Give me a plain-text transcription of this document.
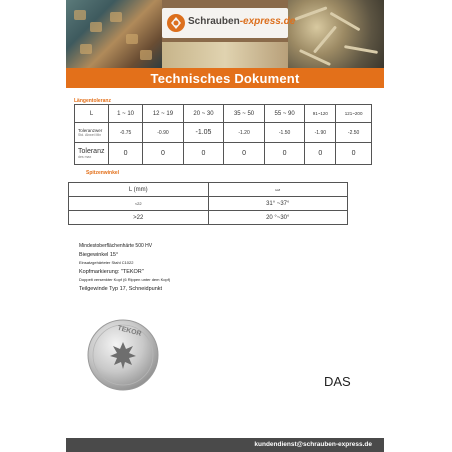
Schrauben-express.de
Technisches Dokument
Längentoleranz
L	1 ~ 10	12 ~ 19	20 ~ 30	35 ~ 50	55 ~ 90	91~120	121~200
Toleranzwer
Std. Abwei Min	-0.75	-0.90	-1.05	-1.20	-1.50	-1.90	-2.50
Toleranz
des max	0	0	0	0	0	0	0
Spitzenwinkel
L (mm)	ωz
<22	31° ~37°
>22	20 °~30°
Mindestoberflächenhärte 500 HV
Biegewinkel 15°
Einsatzgehärteter Stahl C1022
Kopfmarkierung: "TEKOR"
Doppelt versenkter Kopf (6 Rippen unter dem Kopf)
Teilgewinde Typ 17, Schneidpunkt
TEKOR
DAS
kundendienst@schrauben-express.de
